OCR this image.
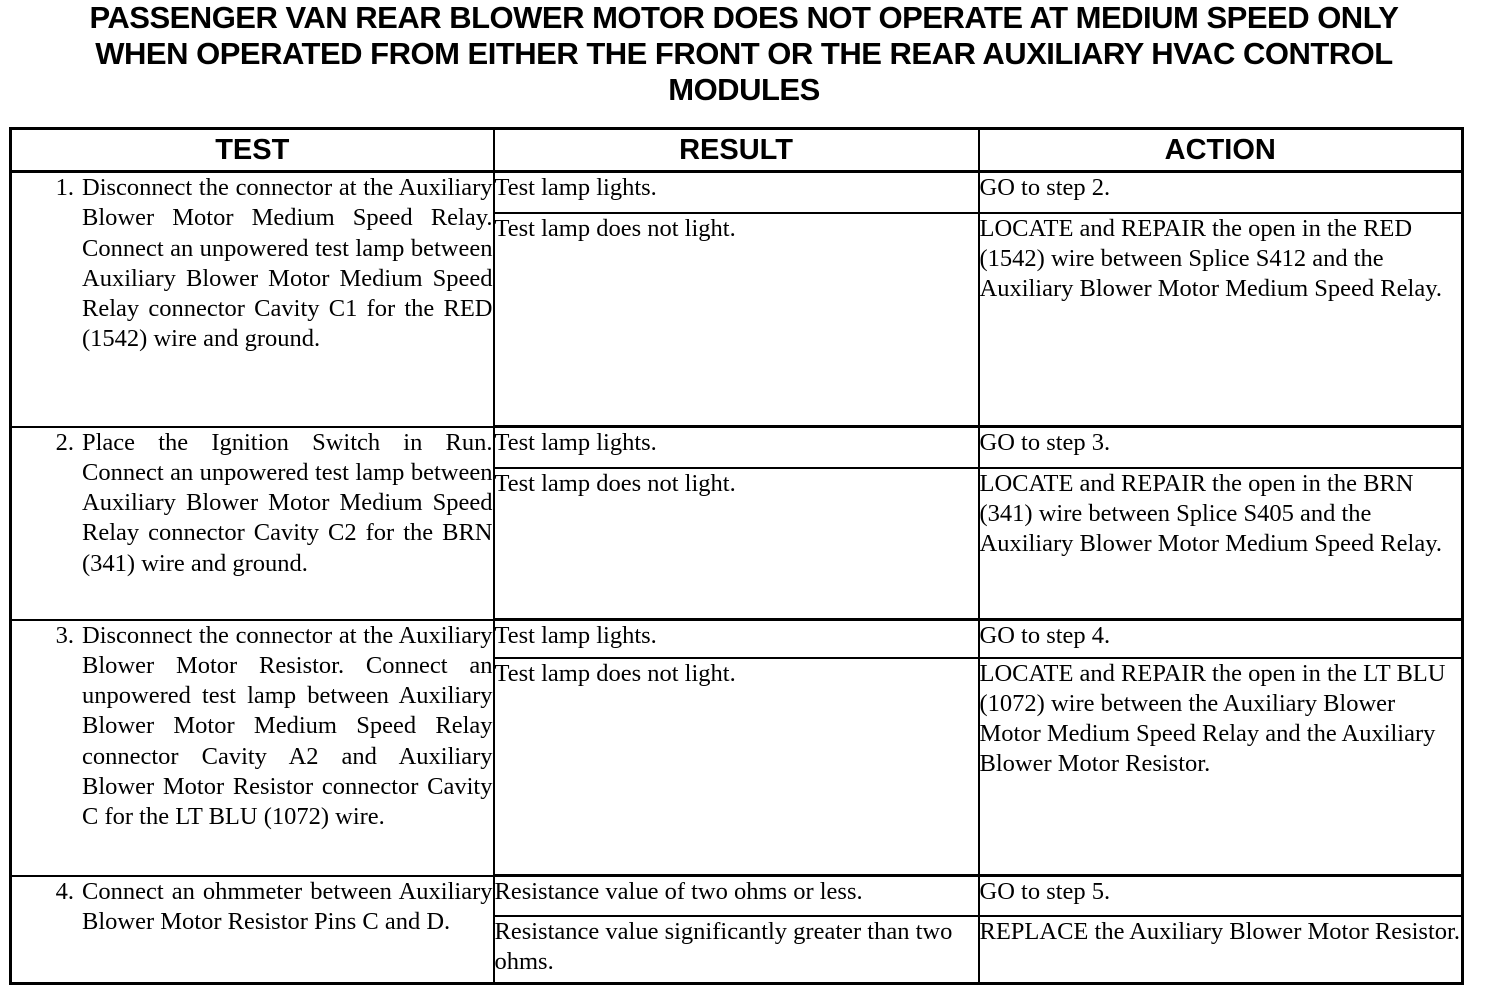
PASSENGER VAN REAR BLOWER MOTOR DOES NOT OPERATE AT MEDIUM SPEED ONLY
WHEN OPERATED FROM EITHER THE FRONT OR THE REAR AUXILIARY HVAC CONTROL
MODULES
TEST	RESULT	ACTION

1. Disconnect the connector at the Auxiliary Blower Motor Medium Speed Relay. Connect an unpowered test lamp between Auxiliary Blower Motor Medium Speed Relay connector Cavity C1 for the RED (1542) wire and ground.	Test lamp lights.	GO to step 2.
	Test lamp does not light.	LOCATE and REPAIR the open in the RED (1542) wire between Splice S412 and the Auxiliary Blower Motor Medium Speed Relay.

2. Place the Ignition Switch in Run. Connect an unpowered test lamp between Auxiliary Blower Motor Medium Speed Relay connector Cavity C2 for the BRN (341) wire and ground.	Test lamp lights.	GO to step 3.
	Test lamp does not light.	LOCATE and REPAIR the open in the BRN (341) wire between Splice S405 and the Auxiliary Blower Motor Medium Speed Relay.

3. Disconnect the connector at the Auxiliary Blower Motor Resistor. Connect an unpowered test lamp between Auxiliary Blower Motor Medium Speed Relay connector Cavity A2 and Auxiliary Blower Motor Resistor connector Cavity C for the LT BLU (1072) wire.	Test lamp lights.	GO to step 4.
	Test lamp does not light.	LOCATE and REPAIR the open in the LT BLU (1072) wire between the Auxiliary Blower Motor Medium Speed Relay and the Auxiliary Blower Motor Resistor.

4. Connect an ohmmeter between Auxiliary Blower Motor Resistor Pins C and D.	Resistance value of two ohms or less.	GO to step 5.
	Resistance value significantly greater than two ohms.	REPLACE the Auxiliary Blower Motor Resistor.
